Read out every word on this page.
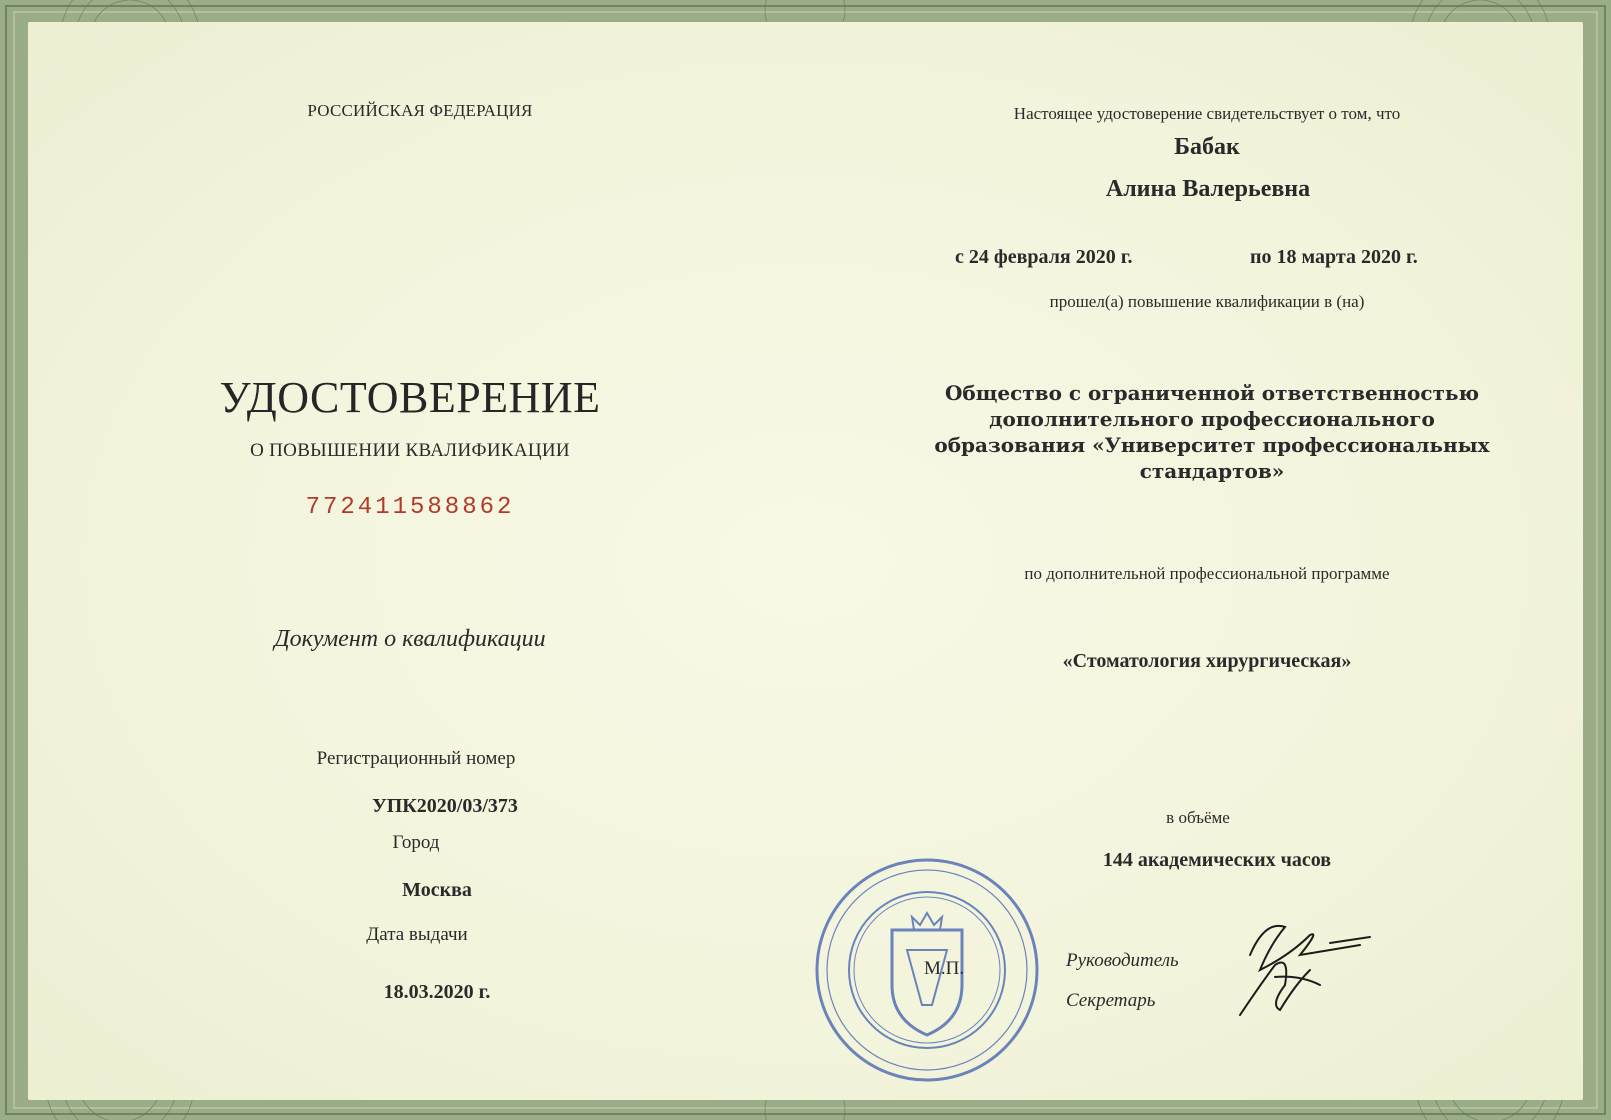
РОССИЙСКАЯ ФЕДЕРАЦИЯ
УДОСТОВЕРЕНИЕ
О ПОВЫШЕНИИ КВАЛИФИКАЦИИ
772411588862
Документ о квалификации
Регистрационный номер
УПК2020/03/373
Город
Москва
Дата выдачи
18.03.2020 г.
Настоящее удостоверение свидетельствует о том, что
Бабак
Алина Валерьевна
с 24 февраля 2020 г.	по 18 марта 2020 г.
прошел(а) повышение квалификации в (на)
Общество с ограниченной ответственностью дополнительного профессионального образования «Университет профессиональных стандартов»
по дополнительной профессиональной программе
«Стоматология хирургическая»
в объёме
144 академических часов
М.П.	Руководитель
Секретарь
